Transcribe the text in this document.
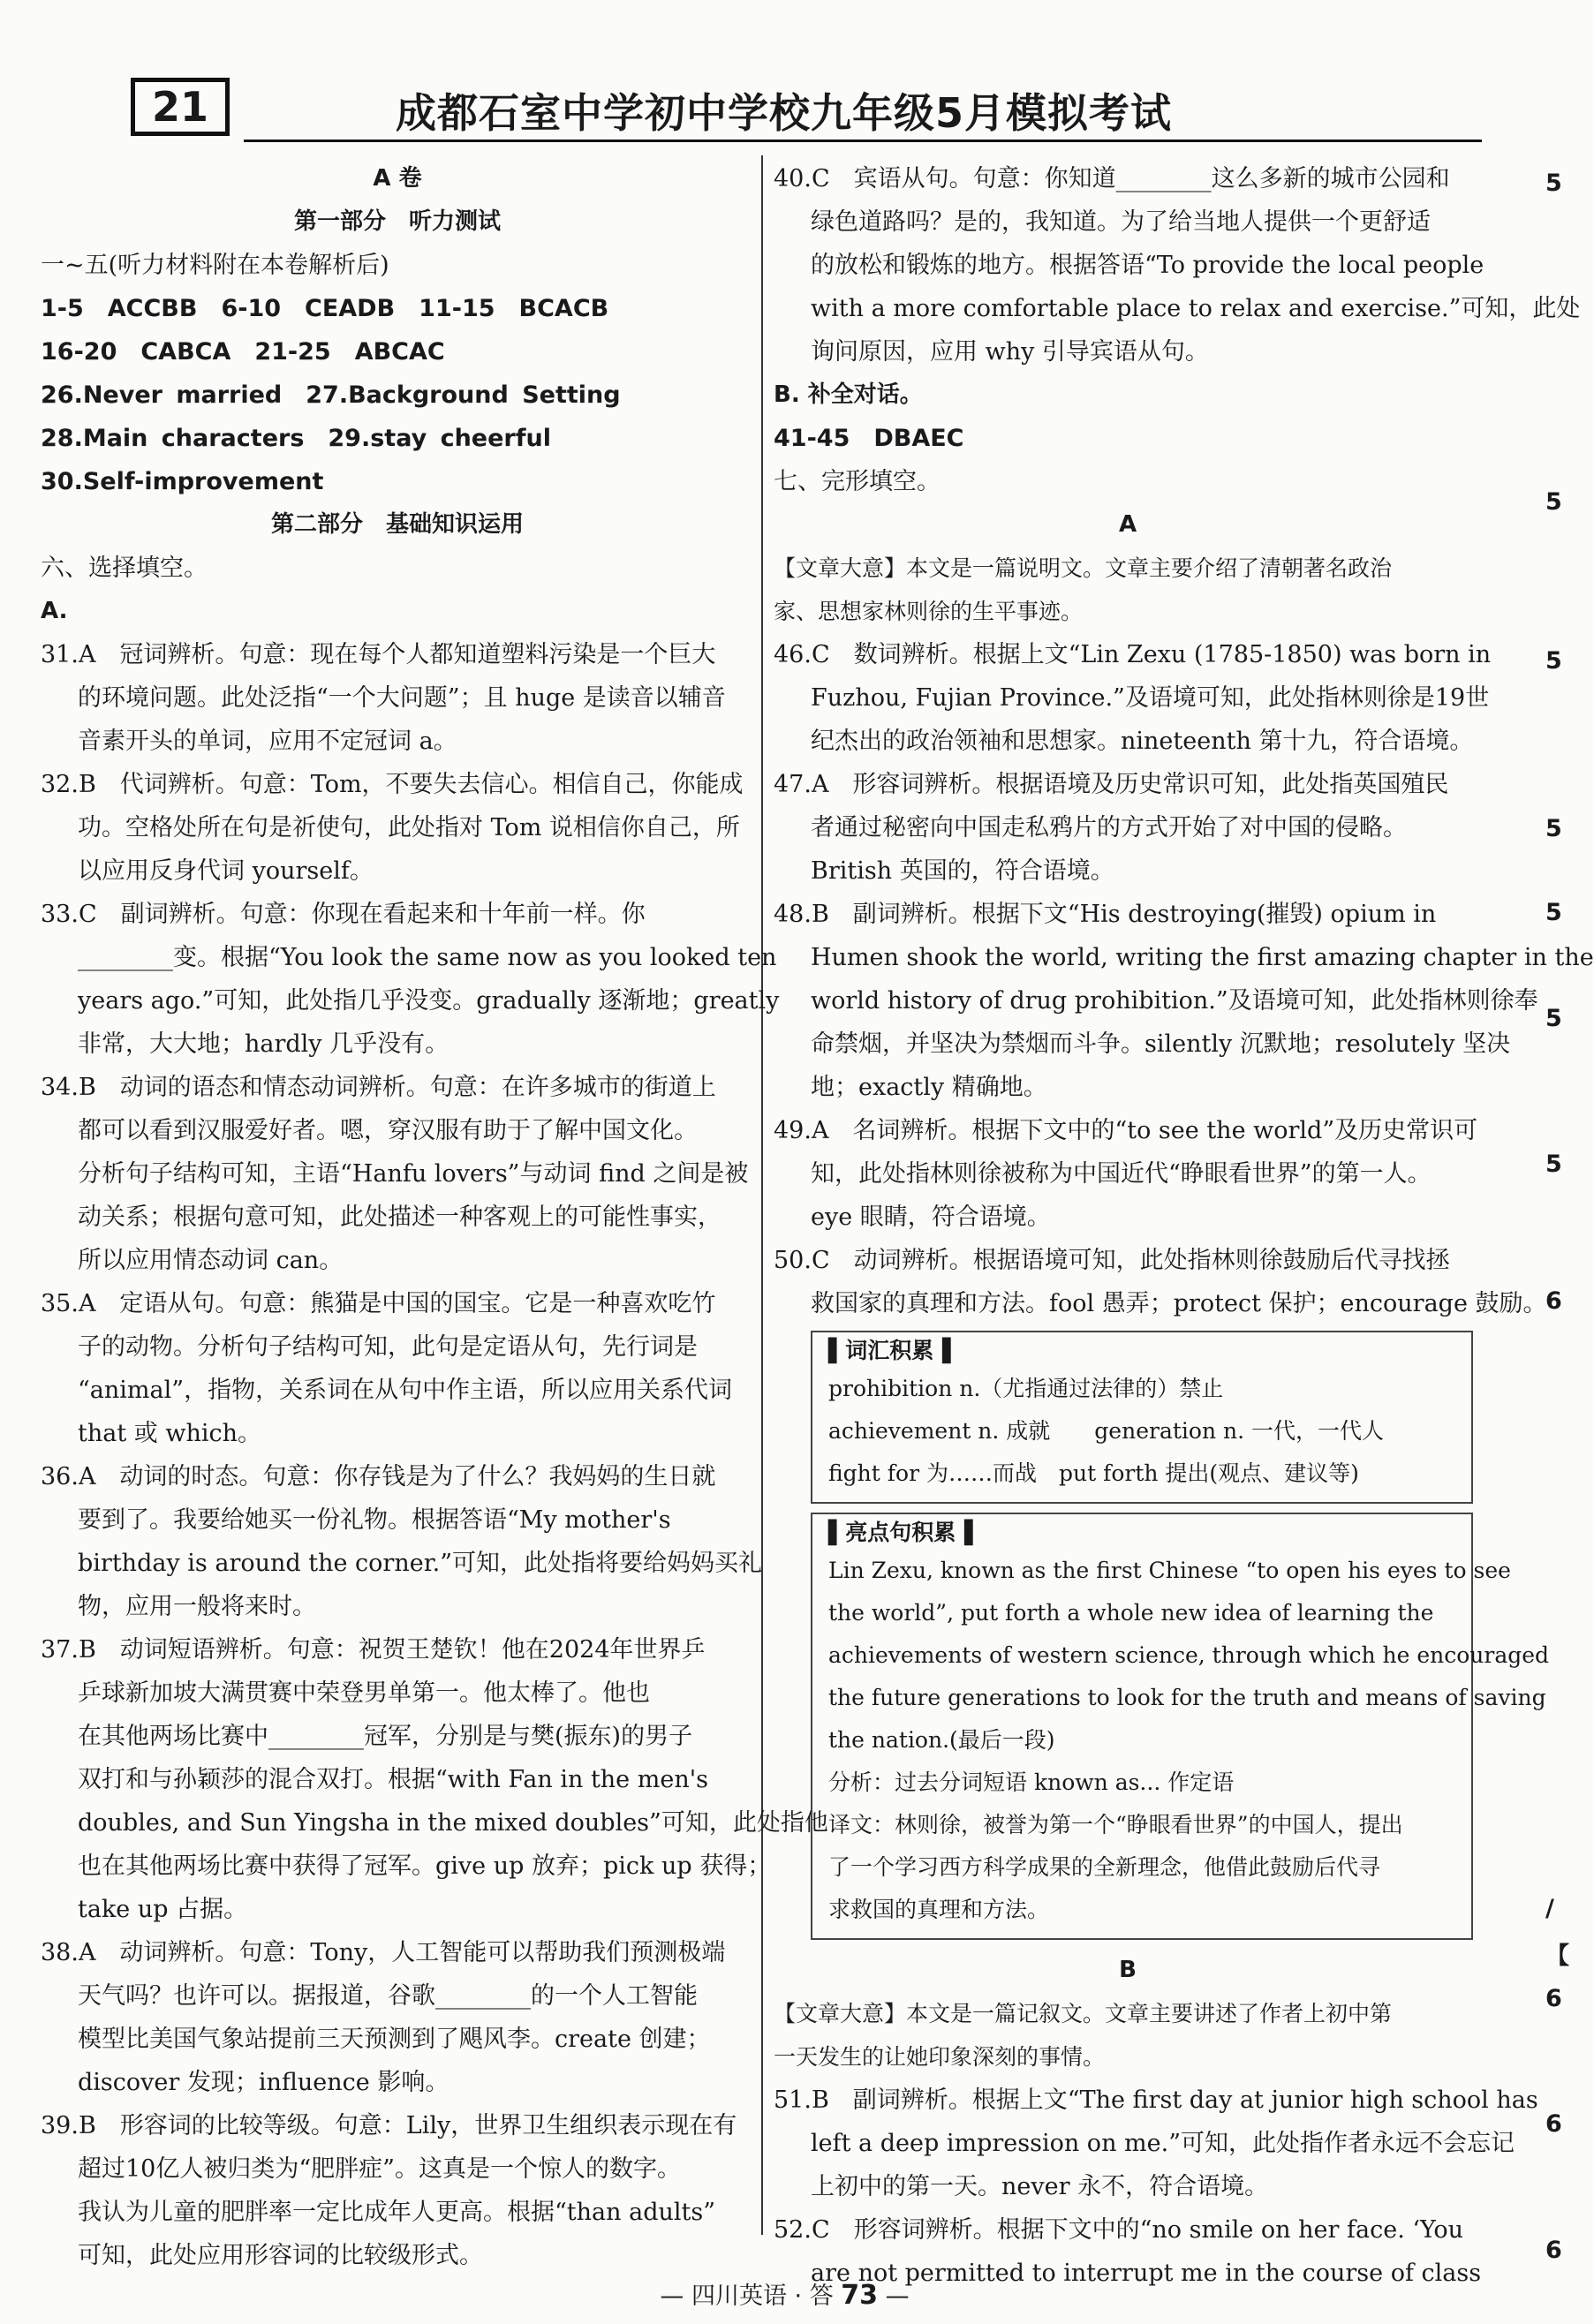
21	成都石室中学初中学校九年级5月模拟考试
A 卷
第一部分　听力测试
一~五(听力材料附在本卷解析后)
1-5　ACCBB　6-10　CEADB　11-15　BCACB
16-20　CABCA　21-25　ABCAC
26.Never married　27.Background Setting
28.Main characters　29.stay cheerful
30.Self-improvement
第二部分　基础知识运用
六、选择填空。
A.
31.A　冠词辨析。句意：现在每个人都知道塑料污染是一个巨大
的环境问题。此处泛指“一个大问题”；且 huge 是读音以辅音
音素开头的单词，应用不定冠词 a。
32.B　代词辨析。句意：Tom，不要失去信心。相信自己，你能成
功。空格处所在句是祈使句，此处指对 Tom 说相信你自己，所
以应用反身代词 yourself。
33.C　副词辨析。句意：你现在看起来和十年前一样。你
________变。根据“You look the same now as you looked ten
years ago.”可知，此处指几乎没变。gradually 逐渐地；greatly
非常，大大地；hardly 几乎没有。
34.B　动词的语态和情态动词辨析。句意：在许多城市的街道上
都可以看到汉服爱好者。嗯，穿汉服有助于了解中国文化。
分析句子结构可知，主语“Hanfu lovers”与动词 find 之间是被
动关系；根据句意可知，此处描述一种客观上的可能性事实，
所以应用情态动词 can。
35.A　定语从句。句意：熊猫是中国的国宝。它是一种喜欢吃竹
子的动物。分析句子结构可知，此句是定语从句，先行词是
“animal”，指物，关系词在从句中作主语，所以应用关系代词
that 或 which。
36.A　动词的时态。句意：你存钱是为了什么？我妈妈的生日就
要到了。我要给她买一份礼物。根据答语“My mother's
birthday is around the corner.”可知，此处指将要给妈妈买礼
物，应用一般将来时。
37.B　动词短语辨析。句意：祝贺王楚钦！他在2024年世界乒
乒球新加坡大满贯赛中荣登男单第一。他太棒了。他也
在其他两场比赛中________冠军，分别是与樊(振东)的男子
双打和与孙颖莎的混合双打。根据“with Fan in the men's
doubles, and Sun Yingsha in the mixed doubles”可知，此处指他
也在其他两场比赛中获得了冠军。give up 放弃；pick up 获得；
take up 占据。
38.A　动词辨析。句意：Tony，人工智能可以帮助我们预测极端
天气吗？也许可以。据报道，谷歌________的一个人工智能
模型比美国气象站提前三天预测到了飓风李。create 创建；
discover 发现；influence 影响。
39.B　形容词的比较等级。句意：Lily，世界卫生组织表示现在有
超过10亿人被归类为“肥胖症”。这真是一个惊人的数字。
我认为儿童的肥胖率一定比成年人更高。根据“than adults”
可知，此处应用形容词的比较级形式。
40.C　宾语从句。句意：你知道________这么多新的城市公园和
绿色道路吗？是的，我知道。为了给当地人提供一个更舒适
的放松和锻炼的地方。根据答语“To provide the local people
with a more comfortable place to relax and exercise.”可知，此处
询问原因，应用 why 引导宾语从句。
B. 补全对话。
41-45　DBAEC
七、完形填空。
A
【文章大意】本文是一篇说明文。文章主要介绍了清朝著名政治
家、思想家林则徐的生平事迹。
46.C　数词辨析。根据上文“Lin Zexu (1785-1850) was born in
Fuzhou, Fujian Province.”及语境可知，此处指林则徐是19世
纪杰出的政治领袖和思想家。nineteenth 第十九，符合语境。
47.A　形容词辨析。根据语境及历史常识可知，此处指英国殖民
者通过秘密向中国走私鸦片的方式开始了对中国的侵略。
British 英国的，符合语境。
48.B　副词辨析。根据下文“His destroying(摧毁) opium in
Humen shook the world, writing the first amazing chapter in the
world history of drug prohibition.”及语境可知，此处指林则徐奉
命禁烟，并坚决为禁烟而斗争。silently 沉默地；resolutely 坚决
地；exactly 精确地。
49.A　名词辨析。根据下文中的“to see the world”及历史常识可
知，此处指林则徐被称为中国近代“睁眼看世界”的第一人。
eye 眼睛，符合语境。
50.C　动词辨析。根据语境可知，此处指林则徐鼓励后代寻找拯
救国家的真理和方法。fool 愚弄；protect 保护；encourage 鼓励。
▌词汇积累▐
prohibition n.（尤指通过法律的）禁止
achievement n. 成就　　generation n. 一代，一代人
fight for 为……而战　put forth 提出(观点、建议等)
▌亮点句积累▐
Lin Zexu, known as the first Chinese “to open his eyes to see
the world”, put forth a whole new idea of learning the
achievements of western science, through which he encouraged
the future generations to look for the truth and means of saving
the nation.(最后一段)
分析：过去分词短语 known as... 作定语
译文：林则徐，被誉为第一个“睁眼看世界”的中国人，提出
了一个学习西方科学成果的全新理念，他借此鼓励后代寻
求救国的真理和方法。
B
【文章大意】本文是一篇记叙文。文章主要讲述了作者上初中第
一天发生的让她印象深刻的事情。
51.B　副词辨析。根据上文“The first day at junior high school has
left a deep impression on me.”可知，此处指作者永远不会忘记
上初中的第一天。never 永不，符合语境。
52.C　形容词辨析。根据下文中的“no smile on her face. ‘You
are not permitted to interrupt me in the course of class
5
5
5
5
5
5
5
6
/
【
6
6
6
— 四川英语 · 答 73 —
